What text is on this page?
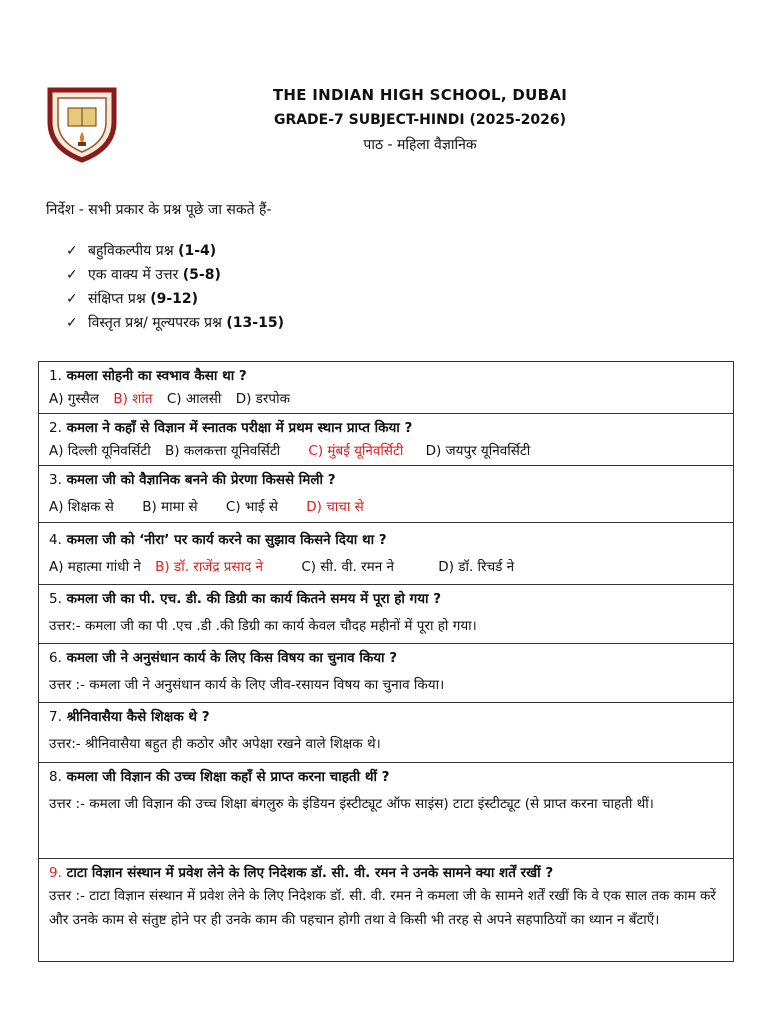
THE INDIAN HIGH SCHOOL, DUBAI
GRADE-7 SUBJECT-HINDI (2025-2026)
पाठ - महिला वैज्ञानिक
निर्देश - सभी प्रकार के प्रश्न पूछे जा सकते हैं-
✓ बहुविकल्पीय प्रश्न (1-4)
✓ एक वाक्य में उत्तर (5-8)
✓ संक्षिप्त प्रश्न (9-12)
✓ विस्तृत प्रश्न/ मूल्यपरक प्रश्न (13-15)
1. कमला सोहनी का स्वभाव कैसा था ?
A) गुस्सैल B) शांत C) आलसी D) डरपोक
2. कमला ने कहाँ से विज्ञान में स्नातक परीक्षा में प्रथम स्थान प्राप्त किया ?
A) दिल्ली यूनिवर्सिटी B) कलकत्ता यूनिवर्सिटी C) मुंबई यूनिवर्सिटी D) जयपुर यूनिवर्सिटी
3. कमला जी को वैज्ञानिक बनने की प्रेरणा किससे मिली ?
A) शिक्षक से B) मामा से C) भाई से D) चाचा से
4. कमला जी को ‘नीरा’ पर कार्य करने का सुझाव किसने दिया था ?
A) महात्मा गांधी ने B) डॉ. राजेंद्र प्रसाद ने	C) सी. वी. रमन ने	D) डॉ. रिचर्ड ने
5. कमला जी का पी. एच. डी. की डिग्री का कार्य कितने समय में पूरा हो गया ?
उत्तर:- कमला जी का पी .एच .डी .की डिग्री का कार्य केवल चौदह महीनों में पूरा हो गया।
6. कमला जी ने अनुसंधान कार्य के लिए किस विषय का चुनाव किया ?
उत्तर :- कमला जी ने अनुसंधान कार्य के लिए जीव-रसायन विषय का चुनाव किया।
7. श्रीनिवासैया कैसे शिक्षक थे ?
उत्तर:- श्रीनिवासैया बहुत ही कठोर और अपेक्षा रखने वाले शिक्षक थे।
8. कमला जी विज्ञान की उच्च शिक्षा कहाँ से प्राप्त करना चाहती थीं ?
उत्तर :- कमला जी विज्ञान की उच्च शिक्षा बंगलुरु के इंडियन इंस्टीट्यूट ऑफ साइंस) टाटा इंस्टीट्यूट (से प्राप्त करना चाहती थीं।
9. टाटा विज्ञान संस्थान में प्रवेश लेने के लिए निदेशक डॉ. सी. वी. रमन ने उनके सामने क्या शर्तें रखीं ?
उत्तर :- टाटा विज्ञान संस्थान में प्रवेश लेने के लिए निदेशक डॉ. सी. वी. रमन ने कमला जी के सामने शर्तें रखीं कि वे एक साल तक काम करें और उनके काम से संतुष्ट होने पर ही उनके काम की पहचान होगी तथा वे किसी भी तरह से अपने सहपाठियों का ध्यान न बँटाएँ।
